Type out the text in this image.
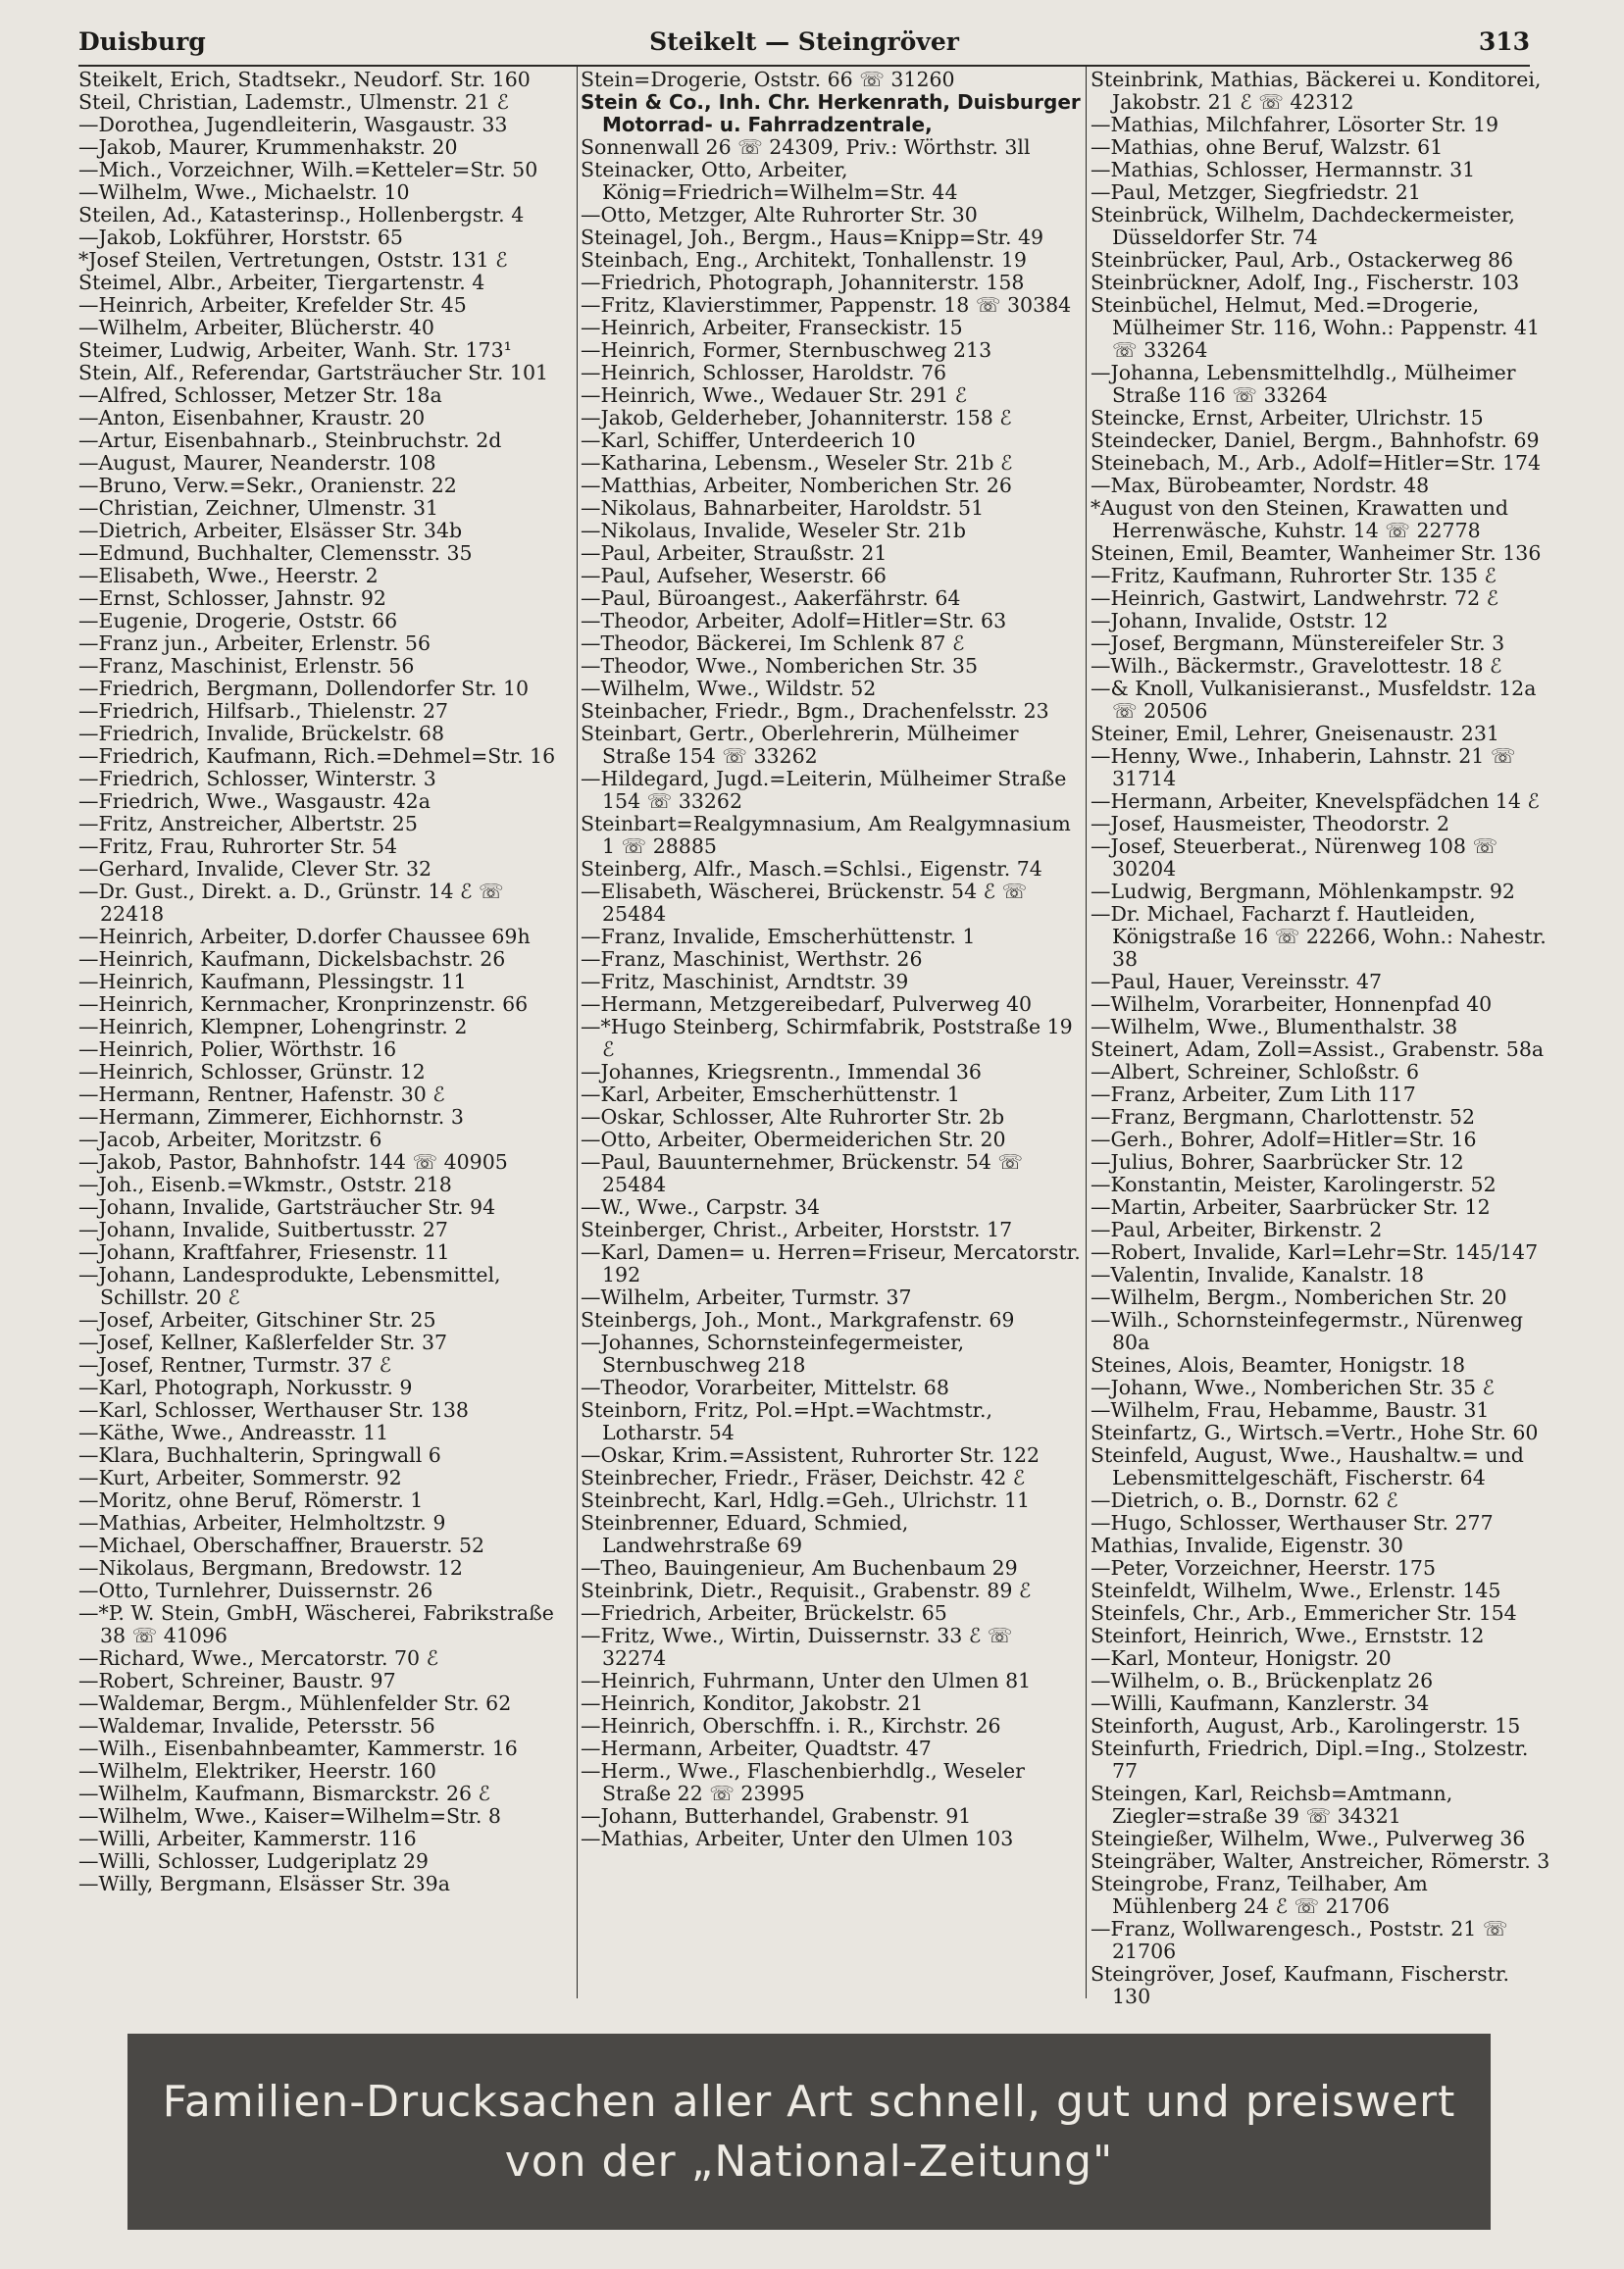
Duisburg	Steikelt — Steingröver	313

Steikelt, Erich, Stadtsekr., Neudorf. Str. 160

Steil, Christian, Lademstr., Ulmenstr. 21 ℰ

—Dorothea, Jugendleiterin, Wasgaustr. 33

—Jakob, Maurer, Krummenhakstr. 20

—Mich., Vorzeichner, Wilh.=Ketteler=Str. 50

—Wilhelm, Wwe., Michaelstr. 10

Steilen, Ad., Katasterinsp., Hollenbergstr. 4

—Jakob, Lokführer, Horststr. 65

*Josef Steilen, Vertretungen, Oststr. 131 ℰ

Steimel, Albr., Arbeiter, Tiergartenstr. 4

—Heinrich, Arbeiter, Krefelder Str. 45

—Wilhelm, Arbeiter, Blücherstr. 40

Steimer, Ludwig, Arbeiter, Wanh. Str. 173¹

Stein, Alf., Referendar, Gartsträucher Str. 101

—Alfred, Schlosser, Metzer Str. 18a

—Anton, Eisenbahner, Kraustr. 20

—Artur, Eisenbahnarb., Steinbruchstr. 2d

—August, Maurer, Neanderstr. 108

—Bruno, Verw.=Sekr., Oranienstr. 22

—Christian, Zeichner, Ulmenstr. 31

—Dietrich, Arbeiter, Elsässer Str. 34b

—Edmund, Buchhalter, Clemensstr. 35

—Elisabeth, Wwe., Heerstr. 2

—Ernst, Schlosser, Jahnstr. 92

—Eugenie, Drogerie, Oststr. 66

—Franz jun., Arbeiter, Erlenstr. 56

—Franz, Maschinist, Erlenstr. 56

—Friedrich, Bergmann, Dollendorfer Str. 10

—Friedrich, Hilfsarb., Thielenstr. 27

—Friedrich, Invalide, Brückelstr. 68

—Friedrich, Kaufmann, Rich.=Dehmel=Str. 16

—Friedrich, Schlosser, Winterstr. 3

—Friedrich, Wwe., Wasgaustr. 42a

—Fritz, Anstreicher, Albertstr. 25

—Fritz, Frau, Ruhrorter Str. 54

—Gerhard, Invalide, Clever Str. 32

—Dr. Gust., Direkt. a. D., Grünstr. 14 ℰ ☏ 22418

—Heinrich, Arbeiter, D.dorfer Chaussee 69h

—Heinrich, Kaufmann, Dickelsbachstr. 26

—Heinrich, Kaufmann, Plessingstr. 11

—Heinrich, Kernmacher, Kronprinzenstr. 66

—Heinrich, Klempner, Lohengrinstr. 2

—Heinrich, Polier, Wörthstr. 16

—Heinrich, Schlosser, Grünstr. 12

—Hermann, Rentner, Hafenstr. 30 ℰ

—Hermann, Zimmerer, Eichhornstr. 3

—Jacob, Arbeiter, Moritzstr. 6

—Jakob, Pastor, Bahnhofstr. 144 ☏ 40905

—Joh., Eisenb.=Wkmstr., Oststr. 218

—Johann, Invalide, Gartsträucher Str. 94

—Johann, Invalide, Suitbertusstr. 27

—Johann, Kraftfahrer, Friesenstr. 11

—Johann, Landesprodukte, Lebensmittel, Schillstr. 20 ℰ

—Josef, Arbeiter, Gitschiner Str. 25

—Josef, Kellner, Kaßlerfelder Str. 37

—Josef, Rentner, Turmstr. 37 ℰ

—Karl, Photograph, Norkusstr. 9

—Karl, Schlosser, Werthauser Str. 138

—Käthe, Wwe., Andreasstr. 11

—Klara, Buchhalterin, Springwall 6

—Kurt, Arbeiter, Sommerstr. 92

—Moritz, ohne Beruf, Römerstr. 1

—Mathias, Arbeiter, Helmholtzstr. 9

—Michael, Oberschaffner, Brauerstr. 52

—Nikolaus, Bergmann, Bredowstr. 12

—Otto, Turnlehrer, Duissernstr. 26

—*P. W. Stein, GmbH, Wäscherei, Fabrikstraße 38 ☏ 41096

—Richard, Wwe., Mercatorstr. 70 ℰ

—Robert, Schreiner, Baustr. 97

—Waldemar, Bergm., Mühlenfelder Str. 62

—Waldemar, Invalide, Petersstr. 56

—Wilh., Eisenbahnbeamter, Kammerstr. 16

—Wilhelm, Elektriker, Heerstr. 160

—Wilhelm, Kaufmann, Bismarckstr. 26 ℰ

—Wilhelm, Wwe., Kaiser=Wilhelm=Str. 8

—Willi, Arbeiter, Kammerstr. 116

—Willi, Schlosser, Ludgeriplatz 29

—Willy, Bergmann, Elsässer Str. 39a

Stein=Drogerie, Oststr. 66 ☏ 31260

Stein & Co., Inh. Chr. Herkenrath, Duisburger Motorrad- u. Fahrradzentrale,

Sonnenwall 26 ☏ 24309, Priv.: Wörthstr. 3ll

Steinacker, Otto, Arbeiter, König=Friedrich=Wilhelm=Str. 44

—Otto, Metzger, Alte Ruhrorter Str. 30

Steinagel, Joh., Bergm., Haus=Knipp=Str. 49

Steinbach, Eng., Architekt, Tonhallenstr. 19

—Friedrich, Photograph, Johanniterstr. 158

—Fritz, Klavierstimmer, Pappenstr. 18 ☏ 30384

—Heinrich, Arbeiter, Franseckistr. 15

—Heinrich, Former, Sternbuschweg 213

—Heinrich, Schlosser, Haroldstr. 76

—Heinrich, Wwe., Wedauer Str. 291 ℰ

—Jakob, Gelderheber, Johanniterstr. 158 ℰ

—Karl, Schiffer, Unterdeerich 10

—Katharina, Lebensm., Weseler Str. 21b ℰ

—Matthias, Arbeiter, Nomberichen Str. 26

—Nikolaus, Bahnarbeiter, Haroldstr. 51

—Nikolaus, Invalide, Weseler Str. 21b

—Paul, Arbeiter, Straußstr. 21

—Paul, Aufseher, Weserstr. 66

—Paul, Büroangest., Aakerfährstr. 64

—Theodor, Arbeiter, Adolf=Hitler=Str. 63

—Theodor, Bäckerei, Im Schlenk 87 ℰ

—Theodor, Wwe., Nomberichen Str. 35

—Wilhelm, Wwe., Wildstr. 52

Steinbacher, Friedr., Bgm., Drachenfelsstr. 23

Steinbart, Gertr., Oberlehrerin, Mülheimer Straße 154 ☏ 33262

—Hildegard, Jugd.=Leiterin, Mülheimer Straße 154 ☏ 33262

Steinbart=Realgymnasium, Am Realgymnasium 1 ☏ 28885

Steinberg, Alfr., Masch.=Schlsi., Eigenstr. 74

—Elisabeth, Wäscherei, Brückenstr. 54 ℰ ☏ 25484

—Franz, Invalide, Emscherhüttenstr. 1

—Franz, Maschinist, Werthstr. 26

—Fritz, Maschinist, Arndtstr. 39

—Hermann, Metzgereibedarf, Pulverweg 40

—*Hugo Steinberg, Schirmfabrik, Poststraße 19 ℰ

—Johannes, Kriegsrentn., Immendal 36

—Karl, Arbeiter, Emscherhüttenstr. 1

—Oskar, Schlosser, Alte Ruhrorter Str. 2b

—Otto, Arbeiter, Obermeiderichen Str. 20

—Paul, Bauunternehmer, Brückenstr. 54 ☏ 25484

—W., Wwe., Carpstr. 34

Steinberger, Christ., Arbeiter, Horststr. 17

—Karl, Damen= u. Herren=Friseur, Mercatorstr. 192

—Wilhelm, Arbeiter, Turmstr. 37

Steinbergs, Joh., Mont., Markgrafenstr. 69

—Johannes, Schornsteinfegermeister, Sternbuschweg 218

—Theodor, Vorarbeiter, Mittelstr. 68

Steinborn, Fritz, Pol.=Hpt.=Wachtmstr., Lotharstr. 54

—Oskar, Krim.=Assistent, Ruhrorter Str. 122

Steinbrecher, Friedr., Fräser, Deichstr. 42 ℰ

Steinbrecht, Karl, Hdlg.=Geh., Ulrichstr. 11

Steinbrenner, Eduard, Schmied, Landwehrstraße 69

—Theo, Bauingenieur, Am Buchenbaum 29

Steinbrink, Dietr., Requisit., Grabenstr. 89 ℰ

—Friedrich, Arbeiter, Brückelstr. 65

—Fritz, Wwe., Wirtin, Duissernstr. 33 ℰ ☏ 32274

—Heinrich, Fuhrmann, Unter den Ulmen 81

—Heinrich, Konditor, Jakobstr. 21

—Heinrich, Oberschffn. i. R., Kirchstr. 26

—Hermann, Arbeiter, Quadtstr. 47

—Herm., Wwe., Flaschenbierhdlg., Weseler Straße 22 ☏ 23995

—Johann, Butterhandel, Grabenstr. 91

—Mathias, Arbeiter, Unter den Ulmen 103

Steinbrink, Mathias, Bäckerei u. Konditorei, Jakobstr. 21 ℰ ☏ 42312

—Mathias, Milchfahrer, Lösorter Str. 19

—Mathias, ohne Beruf, Walzstr. 61

—Mathias, Schlosser, Hermannstr. 31

—Paul, Metzger, Siegfriedstr. 21

Steinbrück, Wilhelm, Dachdeckermeister, Düsseldorfer Str. 74

Steinbrücker, Paul, Arb., Ostackerweg 86

Steinbrückner, Adolf, Ing., Fischerstr. 103

Steinbüchel, Helmut, Med.=Drogerie, Mülheimer Str. 116, Wohn.: Pappenstr. 41 ☏ 33264

—Johanna, Lebensmittelhdlg., Mülheimer Straße 116 ☏ 33264

Steincke, Ernst, Arbeiter, Ulrichstr. 15

Steindecker, Daniel, Bergm., Bahnhofstr. 69

Steinebach, M., Arb., Adolf=Hitler=Str. 174

—Max, Bürobeamter, Nordstr. 48

*August von den Steinen, Krawatten und Herrenwäsche, Kuhstr. 14 ☏ 22778

Steinen, Emil, Beamter, Wanheimer Str. 136

—Fritz, Kaufmann, Ruhrorter Str. 135 ℰ

—Heinrich, Gastwirt, Landwehrstr. 72 ℰ

—Johann, Invalide, Oststr. 12

—Josef, Bergmann, Münstereifeler Str. 3

—Wilh., Bäckermstr., Gravelottestr. 18 ℰ

—& Knoll, Vulkanisieranst., Musfeldstr. 12a ☏ 20506

Steiner, Emil, Lehrer, Gneisenaustr. 231

—Henny, Wwe., Inhaberin, Lahnstr. 21 ☏ 31714

—Hermann, Arbeiter, Knevelspfädchen 14 ℰ

—Josef, Hausmeister, Theodorstr. 2

—Josef, Steuerberat., Nürenweg 108 ☏ 30204

—Ludwig, Bergmann, Möhlenkampstr. 92

—Dr. Michael, Facharzt f. Hautleiden, Königstraße 16 ☏ 22266, Wohn.: Nahestr. 38

—Paul, Hauer, Vereinsstr. 47

—Wilhelm, Vorarbeiter, Honnenpfad 40

—Wilhelm, Wwe., Blumenthalstr. 38

Steinert, Adam, Zoll=Assist., Grabenstr. 58a

—Albert, Schreiner, Schloßstr. 6

—Franz, Arbeiter, Zum Lith 117

—Franz, Bergmann, Charlottenstr. 52

—Gerh., Bohrer, Adolf=Hitler=Str. 16

—Julius, Bohrer, Saarbrücker Str. 12

—Konstantin, Meister, Karolingerstr. 52

—Martin, Arbeiter, Saarbrücker Str. 12

—Paul, Arbeiter, Birkenstr. 2

—Robert, Invalide, Karl=Lehr=Str. 145/147

—Valentin, Invalide, Kanalstr. 18

—Wilhelm, Bergm., Nomberichen Str. 20

—Wilh., Schornsteinfegermstr., Nürenweg 80a

Steines, Alois, Beamter, Honigstr. 18

—Johann, Wwe., Nomberichen Str. 35 ℰ

—Wilhelm, Frau, Hebamme, Baustr. 31

Steinfartz, G., Wirtsch.=Vertr., Hohe Str. 60

Steinfeld, August, Wwe., Haushaltw.= und Lebensmittelgeschäft, Fischerstr. 64

—Dietrich, o. B., Dornstr. 62 ℰ

—Hugo, Schlosser, Werthauser Str. 277

Mathias, Invalide, Eigenstr. 30

—Peter, Vorzeichner, Heerstr. 175

Steinfeldt, Wilhelm, Wwe., Erlenstr. 145

Steinfels, Chr., Arb., Emmericher Str. 154

Steinfort, Heinrich, Wwe., Ernststr. 12

—Karl, Monteur, Honigstr. 20

—Wilhelm, o. B., Brückenplatz 26

—Willi, Kaufmann, Kanzlerstr. 34

Steinforth, August, Arb., Karolingerstr. 15

Steinfurth, Friedrich, Dipl.=Ing., Stolzestr. 77

Steingen, Karl, Reichsb=Amtmann, Ziegler=straße 39 ☏ 34321

Steingießer, Wilhelm, Wwe., Pulverweg 36

Steingräber, Walter, Anstreicher, Römerstr. 3

Steingrobe, Franz, Teilhaber, Am Mühlenberg 24 ℰ ☏ 21706

—Franz, Wollwarengesch., Poststr. 21 ☏ 21706

Steingröver, Josef, Kaufmann, Fischerstr. 130

Familien-Drucksachen aller Art schnell, gut und preiswert
von der „National-Zeitung"
